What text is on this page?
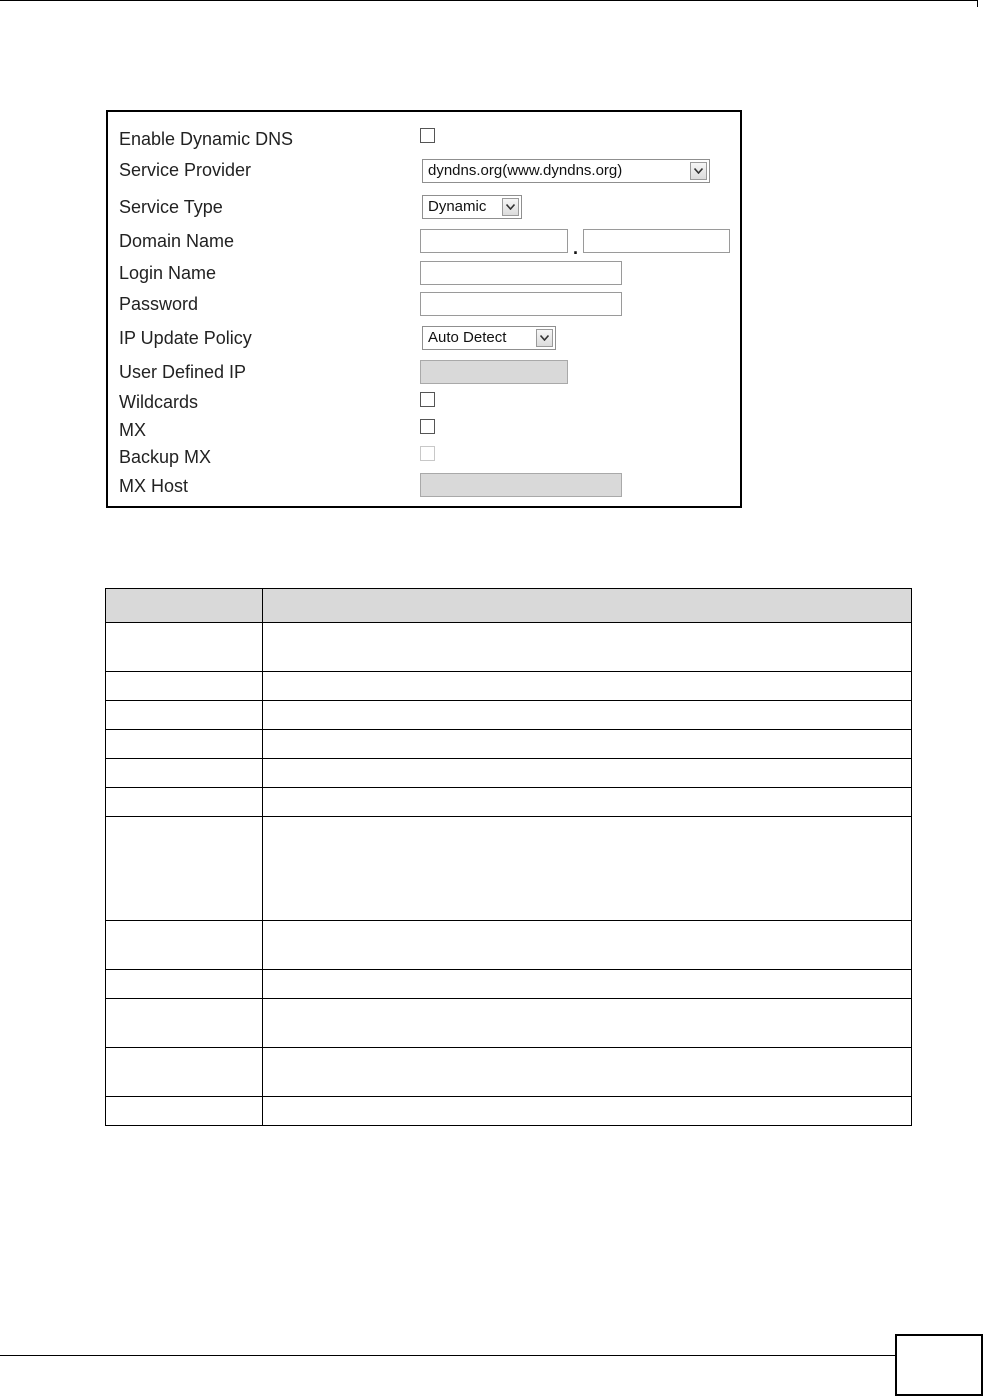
Enable Dynamic DNS
Service Provider	dyndns.org(www.dyndns.org)
Service Type	Dynamic
Domain Name	.
Login Name
Password
IP Update Policy	Auto Detect
User Defined IP
Wildcards
MX
Backup MX
MX Host
